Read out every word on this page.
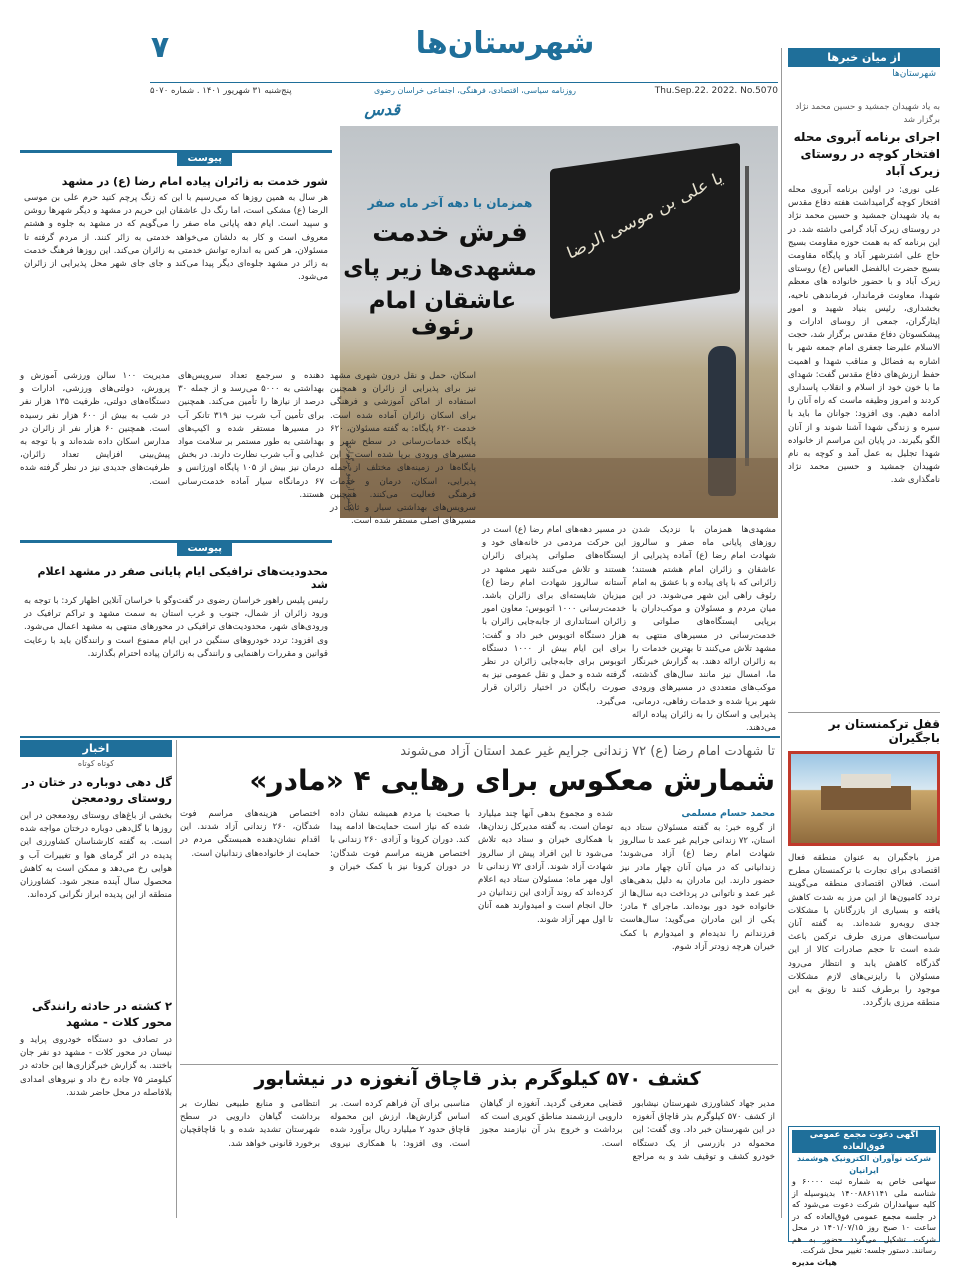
شهرستان‌ها
۷
Thu.Sep.22. 2022. No.5070
روزنامه سیاسی، اقتصادی، فرهنگی، اجتماعی خراسان رضوی
پنج‌شنبه ۳۱ شهریور ۱۴۰۱ . شماره ۵۰۷۰
قدس
از میان خبرها
شهرستان‌ها
به یاد شهیدان جمشید و حسین محمد نژاد برگزار شد
اجرای برنامه آبروی محله افتخار کوچه در روستای زیرک آباد
علی نوری: در اولین برنامه آبروی محله افتخار کوچه گرامیداشت هفته دفاع مقدس به یاد شهیدان جمشید و حسین محمد نژاد در روستای زیرک آباد گرامی داشته شد. در این برنامه که به همت حوزه مقاومت بسیج حاج علی اشترشهر آباد و پایگاه مقاومت بسیج حضرت ابالفضل العباس (ع) روستای زیرک آباد و با حضور خانواده های معظم شهدا، معاونت فرماندار، فرماندهی ناحیه، بخشداری، رئیس بنیاد شهید و امور ایثارگران، جمعی از روسای ادارات و پیشکسوتان دفاع مقدس برگزار شد، حجت الاسلام علیرضا جعفری امام جمعه شهر با اشاره به فضائل و مناقب شهدا و اهمیت حفظ ارزش‌های دفاع مقدس گفت: شهدای ما با خون خود از اسلام و انقلاب پاسداری کردند و امروز وظیفه ماست که راه آنان را ادامه دهیم. وی افزود: جوانان ما باید با سیره و زندگی شهدا آشنا شوند و از آنان الگو بگیرند. در پایان این مراسم از خانواده شهدا تجلیل به عمل آمد و کوچه به نام شهیدان جمشید و حسین محمد نژاد نامگذاری شد.
قفل ترکمنستان بر باجگیران
مرز باجگیران به عنوان منطقه فعال اقتصادی برای تجارت با ترکمنستان مطرح است. فعالان اقتصادی منطقه می‌گویند تردد کامیون‌ها از این مرز به شدت کاهش یافته و بسیاری از بازرگانان با مشکلات جدی روبه‌رو شده‌اند. به گفته آنان سیاست‌های مرزی طرف ترکمن باعث شده است تا حجم صادرات کالا از این گذرگاه کاهش یابد و انتظار می‌رود مسئولان با رایزنی‌های لازم مشکلات موجود را برطرف کنند تا رونق به این منطقه مرزی بازگردد.
آگهی دعوت مجمع عمومی فوق‌العاده
شرکت نوآوران الکترونیک هوشمند ایرانیان
سهامی خاص به شماره ثبت ۶۰۰۰۰ و شناسه ملی ۱۴۰۰۸۸۶۱۱۴۱ بدینوسیله از کلیه سهامداران شرکت دعوت می‌شود که در جلسه مجمع عمومی فوق‌العاده که در ساعت ۱۰ صبح روز ۱۴۰۱/۰۷/۱۵ در محل شرکت تشکیل می‌گردد حضور به هم رسانند. دستور جلسه: تغییر محل شرکت.
هیات مدیره
یا علی بن موسی الرضا
عکس: آرشیو خبرگزاری
همزمان با دهه آخر ماه صفر
فرش خدمت
مشهدی‌ها زیر پای
عاشقان امام رئوف
مشهدی‌ها همزمان با نزدیک شدن روزهای پایانی ماه صفر و سالروز شهادت امام رضا (ع) آماده پذیرایی از عاشقان و زائران امام هشتم هستند؛ زائرانی که با پای پیاده و با عشق به امام رئوف راهی این شهر می‌شوند. در این میان مردم و مسئولان و موکب‌داران با برپایی ایستگاه‌های صلواتی و خدمت‌رسانی در مسیرهای منتهی به مشهد تلاش می‌کنند تا بهترین خدمات را به زائران ارائه دهند. به گزارش خبرنگار ما، امسال نیز مانند سال‌های گذشته، موکب‌های متعددی در مسیرهای ورودی شهر برپا شده و خدمات رفاهی، درمانی، پذیرایی و اسکان را به زائران پیاده ارائه می‌دهند.
در مسیر دهه‌های امام رضا (ع) است در این حرکت مردمی در خانه‌های خود و ایستگاه‌های صلواتی پذیرای زائران هستند و تلاش می‌کنند شهر مشهد در آستانه سالروز شهادت امام رضا (ع) میزبان شایسته‌ای برای زائران باشد. خدمت‌رسانی ۱۰۰۰ اتوبوس: معاون امور زائران استانداری از جابه‌جایی زائران با هزار دستگاه اتوبوس خبر داد و گفت: برای این ایام بیش از ۱۰۰۰ دستگاه اتوبوس برای جابه‌جایی زائران در نظر گرفته شده و حمل و نقل عمومی نیز به صورت رایگان در اختیار زائران قرار می‌گیرد.
اسکان، حمل و نقل درون شهری مشهد نیز برای پذیرایی از زائران و همچنین استفاده از اماکن آموزشی و فرهنگی برای اسکان زائران آماده شده است. خدمت ۶۲۰ پایگاه: به گفته مسئولان، ۶۲۰ پایگاه خدمات‌رسانی در سطح شهر و مسیرهای ورودی برپا شده است و این پایگاه‌ها در زمینه‌های مختلف از جمله پذیرایی، اسکان، درمان و خدمات فرهنگی فعالیت می‌کنند. همچنین سرویس‌های بهداشتی سیار و ثابت در مسیرهای اصلی مستقر شده است.
دهنده و سرجمع تعداد سرویس‌های بهداشتی به ۵۰۰۰ می‌رسد و از جمله ۳۰ درصد از نیازها را تأمین می‌کند. همچنین برای تأمین آب شرب نیز ۳۱۹ تانکر آب در مسیرها مستقر شده و اکیپ‌های بهداشتی به طور مستمر بر سلامت مواد غذایی و آب شرب نظارت دارند. در بخش درمان نیز بیش از ۱۰۵ پایگاه اورژانس و ۶۷ درمانگاه سیار آماده خدمت‌رسانی هستند.
مدیریت ۱۰۰ سالن ورزشی آموزش و پرورش، دولتی‌های ورزشی، ادارات و دستگاه‌های دولتی، ظرفیت ۱۳۵ هزار نفر در شب به بیش از ۶۰۰ هزار نفر رسیده است. همچنین ۶۰ هزار نفر از زائران در مدارس اسکان داده شده‌اند و با توجه به پیش‌بینی افزایش تعداد زائران، ظرفیت‌های جدیدی نیز در نظر گرفته شده است.
پیوست
شور خدمت به زائران پیاده امام رضا (ع) در مشهد
هر سال به همین روزها که می‌رسیم با این که زنگ پرچم کنید حرم علی بن موسی الرضا (ع) مشکی است، اما رنگ دل عاشقان این حریم در مشهد و دیگر شهرها روشن و سپید است. ایام دهه پایانی ماه صفر را می‌گویم که در مشهد به جلوه و هشتم معروف است و کار به دلشان می‌خواهد خدمتی به زائر کنند. از مردم گرفته تا مسئولان، هر کس به اندازه توانش خدمتی به زائران می‌کند. این روزها فرهنگ خدمت به زائر در مشهد جلوه‌ای دیگر پیدا می‌کند و جای جای شهر محل پذیرایی از زائران می‌شود.
پیوست
محدودیت‌های ترافیکی ایام پایانی صفر در مشهد اعلام شد
رئیس پلیس راهور خراسان رضوی در گفت‌وگو با خراسان آنلاین اظهار کرد: با توجه به ورود زائران از شمال، جنوب و غرب استان به سمت مشهد و تراکم ترافیک در ورودی‌های شهر، محدودیت‌های ترافیکی در محورهای منتهی به مشهد اعمال می‌شود. وی افزود: تردد خودروهای سنگین در این ایام ممنوع است و رانندگان باید با رعایت قوانین و مقررات راهنمایی و رانندگی به زائران پیاده احترام بگذارند.
تا شهادت امام رضا (ع) ۷۲ زندانی جرایم غیر عمد استان آزاد می‌شوند
شمارش معکوس برای رهایی ۴ «مادر»
محمد حسام مسلمی
از گروه خبر: به گفته مسئولان ستاد دیه استان، ۷۲ زندانی جرایم غیر عمد تا سالروز شهادت امام رضا (ع) آزاد می‌شوند؛ زندانیانی که در میان آنان چهار مادر نیز حضور دارند. این مادران به دلیل بدهی‌های غیر عمد و ناتوانی در پرداخت دیه سال‌ها از خانواده خود دور بوده‌اند. ماجرای ۴ مادر: یکی از این مادران می‌گوید: سال‌هاست فرزندانم را ندیده‌ام و امیدوارم با کمک خیران هرچه زودتر آزاد شوم.
شده و مجموع بدهی آنها چند میلیارد تومان است. به گفته مدیرکل زندان‌ها، با همکاری خیران و ستاد دیه تلاش می‌شود تا این افراد پیش از سالروز شهادت آزاد شوند. آزادی ۷۲ زندانی تا اول مهر ماه: مسئولان ستاد دیه اعلام کرده‌اند که روند آزادی این زندانیان در حال انجام است و امیدوارند همه آنان تا اول مهر آزاد شوند.
با صحبت با مردم همیشه نشان داده شده که نیاز است حمایت‌ها ادامه پیدا کند. دوران کرونا و آزادی ۲۶۰ زندانی با اختصاص هزینه مراسم فوت شدگان: در دوران کرونا نیز با کمک خیران و اختصاص هزینه‌های مراسم فوت شدگان، ۲۶۰ زندانی آزاد شدند. این اقدام نشان‌دهنده همبستگی مردم در حمایت از خانواده‌های زندانیان است.
اخبار
کوتاه کوتاه
گل دهی دوباره در ختان در روستای رودمعجن
بخشی از باغ‌های روستای رودمعجن در این روزها با گل‌دهی دوباره درختان مواجه شده است. به گفته کارشناسان کشاورزی این پدیده در اثر گرمای هوا و تغییرات آب و هوایی رخ می‌دهد و ممکن است به کاهش محصول سال آینده منجر شود. کشاورزان منطقه از این پدیده ابراز نگرانی کرده‌اند.
۲ کشته در حادثه رانندگی محور کلات - مشهد
در تصادف دو دستگاه خودروی پراید و نیسان در محور کلات - مشهد دو نفر جان باختند. به گزارش خبرگزاری‌ها این حادثه در کیلومتر ۷۵ جاده رخ داد و نیروهای امدادی بلافاصله در محل حاضر شدند.
کشف ۵۷۰ کیلوگرم بذر قاچاق آنغوزه در نیشابور
مدیر جهاد کشاورزی شهرستان نیشابور از کشف ۵۷۰ کیلوگرم بذر قاچاق آنغوزه در این شهرستان خبر داد. وی گفت: این محموله در بازرسی از یک دستگاه خودرو کشف و توقیف شد و به مراجع قضایی معرفی گردید. آنغوزه از گیاهان دارویی ارزشمند مناطق کویری است که برداشت و خروج بذر آن نیازمند مجوز است.
مناسبی برای آن فراهم کرده است. بر اساس گزارش‌ها، ارزش این محموله قاچاق حدود ۲ میلیارد ریال برآورد شده است. وی افزود: با همکاری نیروی انتظامی و منابع طبیعی نظارت بر برداشت گیاهان دارویی در سطح شهرستان تشدید شده و با قاچاقچیان برخورد قانونی خواهد شد.
